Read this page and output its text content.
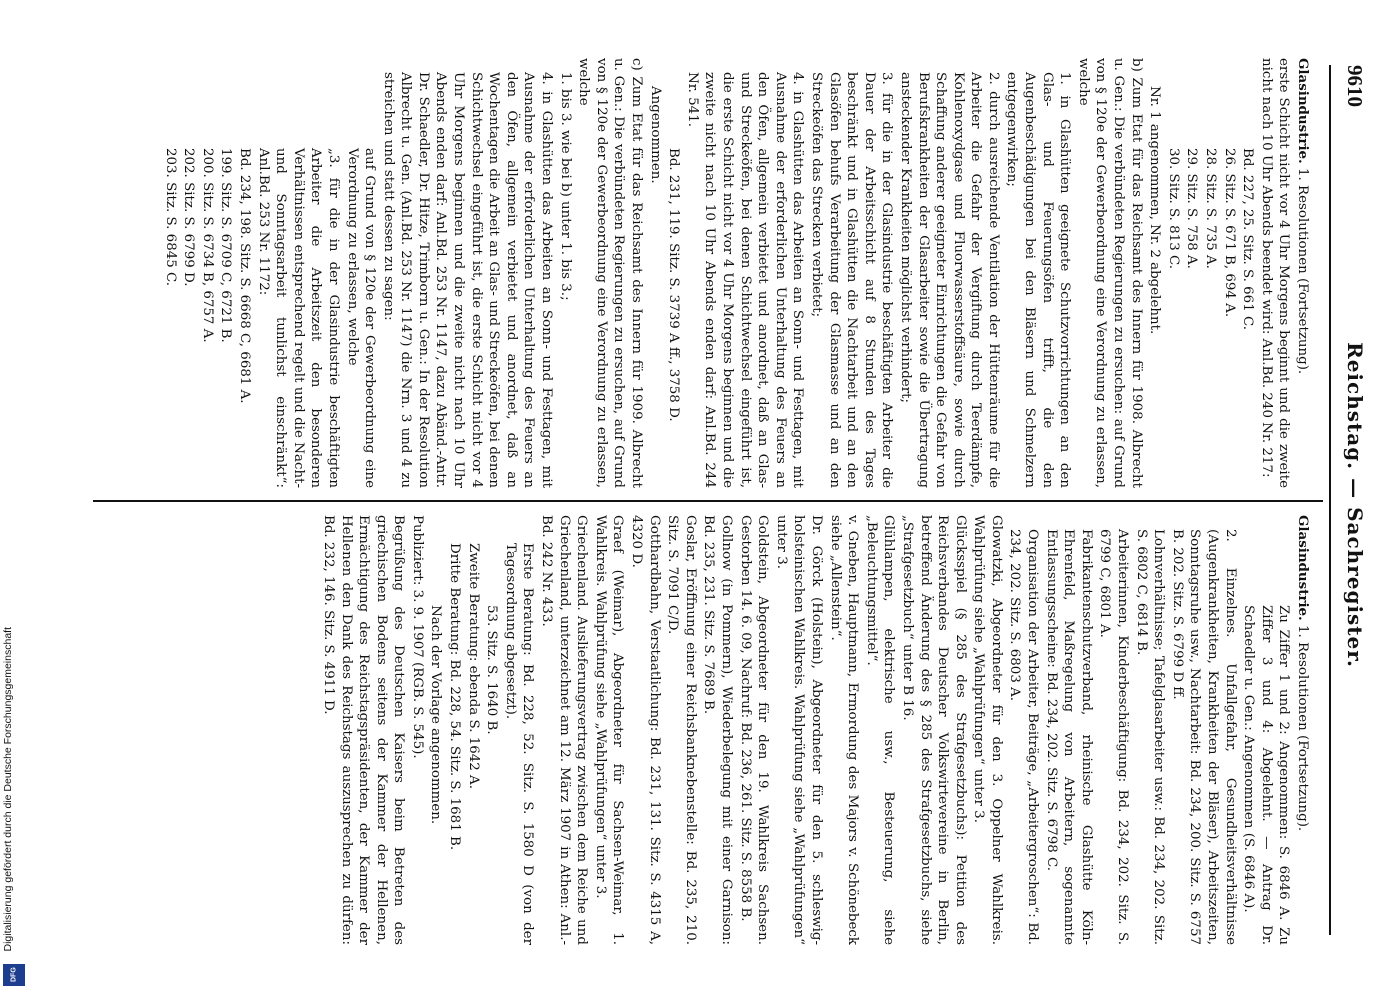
9610
Reichstag. — Sachregister.

Glasindustrie. 1. Resolutionen (Fortsetzung).

erste Schicht nicht vor 4 Uhr Morgens beginnt und die zweite nicht nach 10 Uhr Abends beendet wird: Anl.Bd. 240 Nr. 217:

Bd. 227, 25. Sitz. S. 661 C.

26. Sitz. S. 671 B, 694 A.

28. Sitz. S. 735 A.

29. Sitz. S. 758 A.

30. Sitz. S. 813 C.

Nr. 1 angenommen, Nr. 2 abgelehnt.

b) Zum Etat für das Reichsamt des Innern für 1908. Albrecht u. Gen.: Die verbündeten Regierungen zu ersuchen: auf Grund von § 120e der Gewerbeordnung eine Verordnung zu erlassen, welche

1. in Glashütten geeignete Schutzvorrichtungen an den Glas- und Feuerungsöfen trifft, die den Augenbeschädigungen bei den Bläsern und Schmelzern entgegenwirken;

2. durch ausreichende Ventilation der Hüttenräume für die Arbeiter die Gefahr der Vergiftung durch Teerdämpfe, Kohlenoxydgase und Fluorwasserstoffsäure, sowie durch Schaffung anderer geeigneter Einrichtungen die Gefahr von Berufskrankheiten der Glasarbeiter sowie die Übertragung ansteckender Krankheiten möglichst verhindert;

3. für die in der Glasindustrie beschäftigten Arbeiter die Dauer der Arbeitsschicht auf 8 Stunden des Tages beschränkt und in Glashütten die Nachtarbeit und an den Glasöfen behufs Verarbeitung der Glasmasse und an den Streckeöfen das Strecken verbietet;

4. in Glashütten das Arbeiten an Sonn- und Festtagen, mit Ausnahme der erforderlichen Unterhaltung des Feuers an den Öfen, allgemein verbietet und anordnet, daß an Glas- und Streckeöfen, bei denen Schichtwechsel eingeführt ist, die erste Schicht nicht vor 4 Uhr Morgens beginnen und die zweite nicht nach 10 Uhr Abends enden darf: Anl.Bd. 244 Nr. 541.

Bd. 231, 119. Sitz. S. 3739 A ff., 3758 D.

Angenommen.

c) Zum Etat für das Reichsamt des Innern für 1909. Albrecht u. Gen.: Die verbündeten Regierungen zu ersuchen, auf Grund von § 120e der Gewerbeordnung eine Verordnung zu erlassen, welche

1. bis 3. wie bei b) unter 1. bis 3.;

4. in Glashütten das Arbeiten an Sonn- und Festtagen, mit Ausnahme der erforderlichen Unterhaltung des Feuers an den Öfen, allgemein verbietet und anordnet, daß an Wochentagen die Arbeit an Glas- und Streckeöfen, bei denen Schichtwechsel eingeführt ist, die erste Schicht nicht vor 4 Uhr Morgens beginnen und die zweite nicht nach 10 Uhr Abends enden darf: Anl.Bd. 253 Nr. 1147, dazu Abänd.-Antr. Dr. Schaedler, Dr. Hitze, Trimborn u. Gen.: In der Resolution Albrecht u. Gen. (Anl.Bd. 253 Nr. 1147) die Nrn. 3 und 4 zu streichen und statt dessen zu sagen:

auf Grund von § 120e der Gewerbeordnung eine Verordnung zu erlassen, welche

„3. für die in der Glasindustrie beschäftigten Arbeiter die Arbeitszeit den besonderen Verhältnissen entsprechend regelt und die Nacht- und Sonntagsarbeit tunlichst einschränkt“: Anl.Bd. 253 Nr. 1172:

Bd. 234, 198. Sitz. S. 6668 C, 6681 A.

199. Sitz. S. 6709 C, 6721 B.

200. Sitz. S. 6734 B, 6757 A.

202. Sitz. S. 6799 D.

203. Sitz. S. 6845 C.

Glasindustrie. 1. Resolutionen (Fortsetzung).

Zu Ziffer 1 und 2: Angenommen: S. 6846 A. Zu Ziffer 3 und 4: Abgelehnt. — Antrag Dr. Schaedler u. Gen.: Angenommen (S. 6846 A).

2. Einzelnes. Unfallgefahr, Gesundheitsverhältnisse (Augenkrankheiten, Krankheiten der Bläser), Arbeitszeiten, Sonntagsruhe usw., Nachtarbeit: Bd. 234, 200. Sitz. S. 6757 B. 202. Sitz. S. 6799 D ff.

Lohnverhältnisse; Tafelglasarbeiter usw.: Bd. 234, 202. Sitz. S. 6802 C, 6814 B.

Arbeiterinnen, Kinderbeschäftigung: Bd. 234, 202. Sitz. S. 6799 C, 6801 A.

Fabrikantenschutzverband, rheinische Glashütte Köln-Ehrenfeld, Maßregelung von Arbeitern, sogenannte Entlassungsscheine: Bd. 234, 202. Sitz. S. 6798 C.

Organisation der Arbeiter, Beiträge, „Arbeitergroschen“: Bd. 234, 202. Sitz. S. 6803 A.

Glowatzki, Abgeordneter für den 3. Oppelner Wahlkreis. Wahlprüfung siehe „Wahlprüfungen“ unter 3.

Glücksspiel (§ 285 des Strafgesetzbuchs): Petition des Reichsverbandes Deutscher Volkswirtevereine in Berlin, betreffend Änderung des § 285 des Strafgesetzbuchs, siehe „Strafgesetzbuch“ unter B 16.

Glühlampen, elektrische usw., Besteuerung, siehe „Beleuchtungsmittel“.

v. Gneben, Hauptmann, Ermordung des Majors v. Schönebeck siehe „Allenstein“.

Dr. Görck (Holstein), Abgeordneter für den 5. schleswig-holsteinischen Wahlkreis. Wahlprüfung siehe „Wahlprüfungen“ unter 3.

Goldstein, Abgeordneter für den 19. Wahlkreis Sachsen. Gestorben 14. 6. 09, Nachruf: Bd. 236, 261. Sitz. S. 8558 B.

Gollnow (in Pommern), Wiederbelegung mit einer Garnison: Bd. 235, 231. Sitz. S. 7689 B.

Goslar, Eröffnung einer Reichsbanknebenstelle: Bd. 235, 210. Sitz. S. 7091 C/D.

Gotthardbahn, Verstaatlichung: Bd. 231, 131. Sitz. S. 4315 A, 4320 D.

Graef (Weimar), Abgeordneter für Sachsen-Weimar, 1. Wahlkreis. Wahlprüfung siehe „Wahlprüfungen“ unter 3.

Griechenland. Auslieferungsvertrag zwischen dem Reiche und Griechenland, unterzeichnet am 12. März 1907 in Athen: Anl.-Bd. 242 Nr. 433.

Erste Beratung: Bd. 228, 52. Sitz. S. 1580 D (von der Tagesordnung abgesetzt).

53. Sitz. S. 1640 B.

Zweite Beratung: ebenda S. 1642 A.

Dritte Beratung: Bd. 228, 54. Sitz. S. 1681 B.

Nach der Vorlage angenommen.

Publiziert: 3. 9. 1907 (RGB. S. 545).

Begrüßung des Deutschen Kaisers beim Betreten des griechischen Bodens seitens der Kammer der Hellenen, Ermächtigung des Reichstagspräsidenten, der Kammer der Hellenen den Dank des Reichstags auszusprechen zu dürfen: Bd. 232, 146. Sitz. S. 4911 D.

Digitalisierung gefördert durch die Deutsche Forschungsgemeinschaft
DFG
